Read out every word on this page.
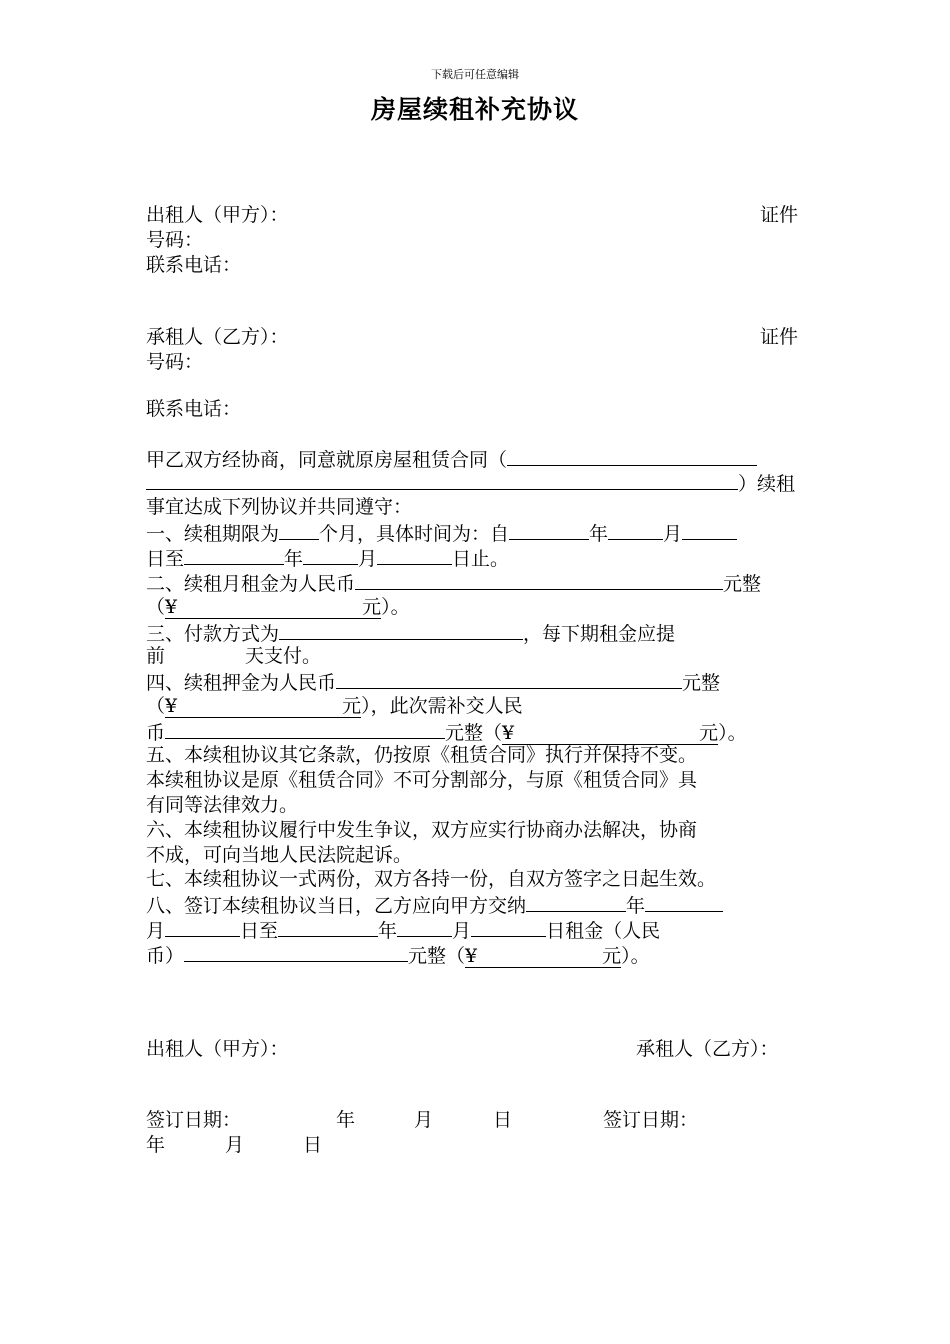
下载后可任意编辑
房屋续租补充协议
出租人（甲方）：	证件
号码：
联系电话：
承租人（乙方）：	证件
号码：
联系电话：
甲乙双方经协商，同意就原房屋租赁合同（
）续租
事宜达成下列协议并共同遵守：
一、续租期限为 个月，具体时间为：自	年	月
日至	年	月	日止。
二、续租月租金为人民币	元整
（¥	元）。
三、付款方式为	，每下期租金应提
前	天支付。
四、续租押金为人民币	元整
（¥	元），此次需补交人民
币	元整（¥	元）。
五、本续租协议其它条款，仍按原《租赁合同》执行并保持不变。
本续租协议是原《租赁合同》不可分割部分，与原《租赁合同》具
有同等法律效力。
六、本续租协议履行中发生争议，双方应实行协商办法解决，协商
不成，可向当地人民法院起诉。
七、本续租协议一式两份，双方各持一份，自双方签字之日起生效。
八、签订本续租协议当日，乙方应向甲方交纳	年
月	日至	年	月	日租金（人民
币）	元整（¥	元）。
出租人（甲方）：	承租人（乙方）：
签订日期：	年	月	日	签订日期：
年	月	日
